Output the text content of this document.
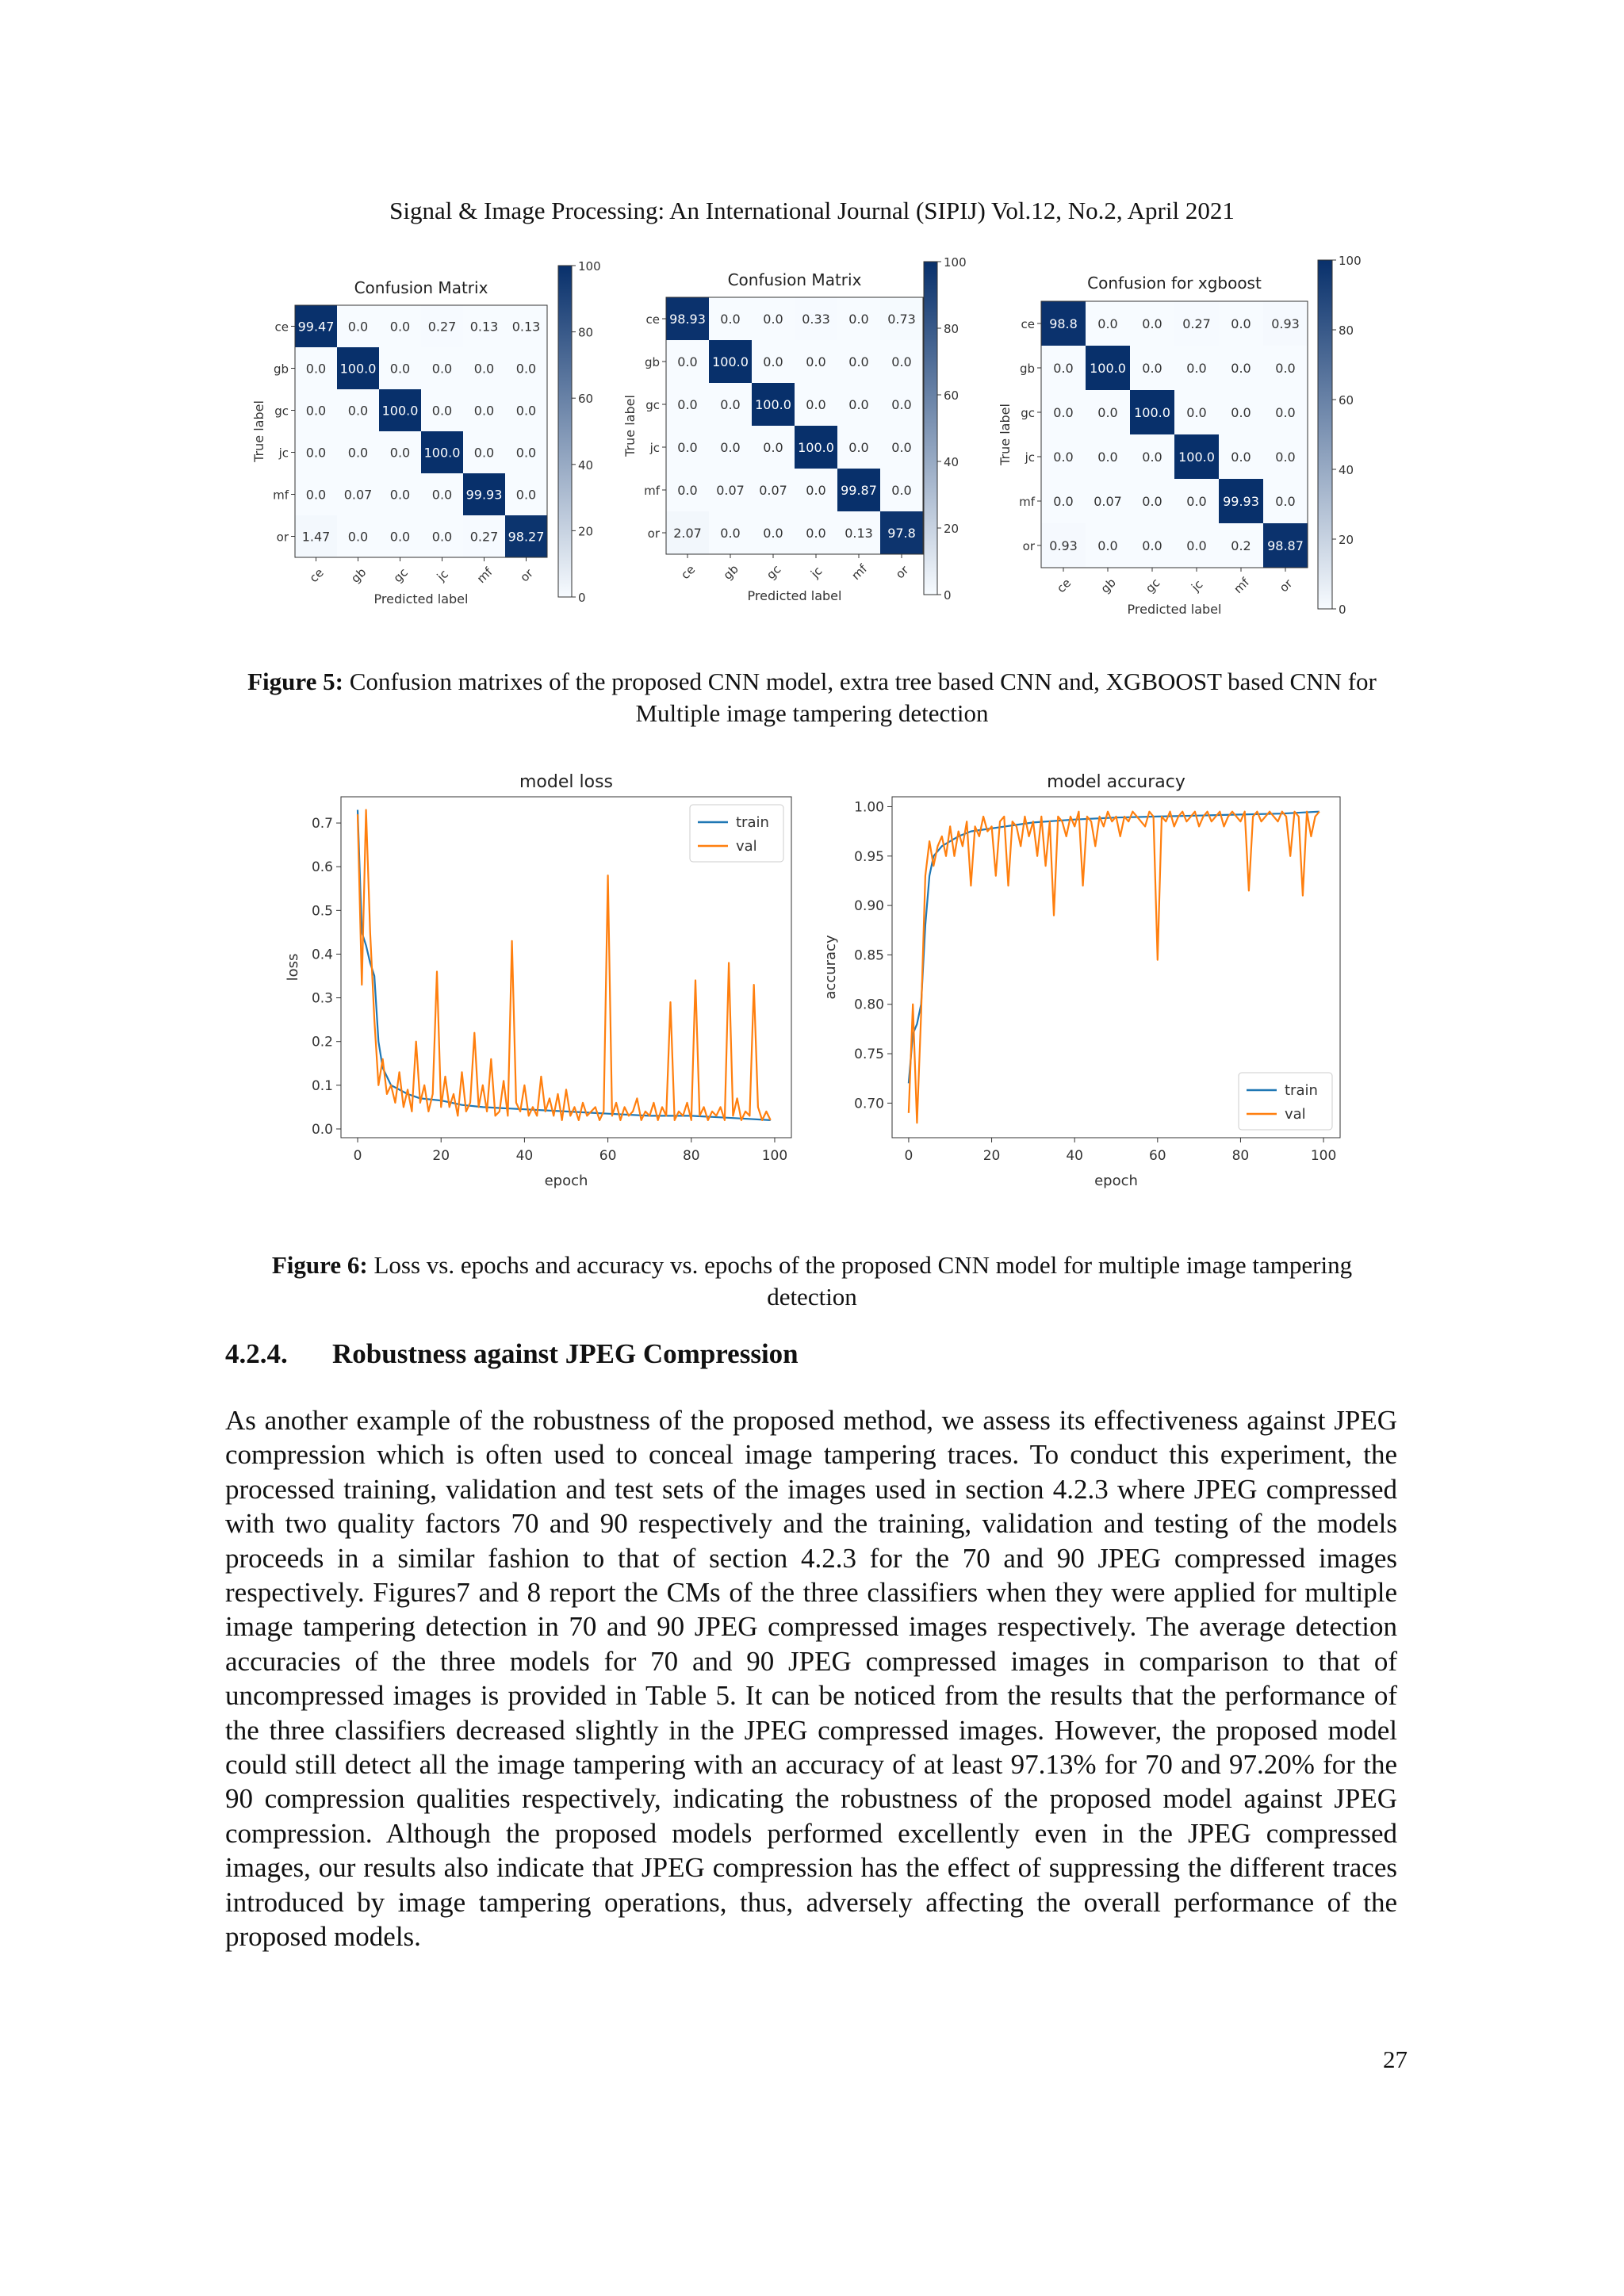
Signal & Image Processing: An International Journal (SIPIJ) Vol.12, No.2, April 2021
Confusion Matrix
99.47 0.0 0.0 0.27 0.13 0.13
0.0 100.0 0.0 0.0 0.0 0.0
0.0 0.0 100.0 0.0 0.0 0.0
0.0 0.0 0.0 100.0 0.0 0.0
0.0 0.07 0.0 0.0 99.93 0.0
1.47 0.0 0.0 0.0 0.27 98.27
ce
ce
gb
gb
gc
gc
jc
jc
mf
mf
or
or
Predicted label
True label
100
80
60
40
20
0
Confusion Matrix
98.93 0.0 0.0 0.33 0.0 0.73
0.0 100.0 0.0 0.0 0.0 0.0
0.0 0.0 100.0 0.0 0.0 0.0
0.0 0.0 0.0 100.0 0.0 0.0
0.0 0.07 0.07 0.0 99.87 0.0
2.07 0.0 0.0 0.0 0.13 97.8
ce
ce
gb
gb
gc
gc
jc
jc
mf
mf
or
or
Predicted label
True label
100
80
60
40
20
0
Confusion for xgboost
98.8 0.0 0.0 0.27 0.0 0.93
0.0 100.0 0.0 0.0 0.0 0.0
0.0 0.0 100.0 0.0 0.0 0.0
0.0 0.0 0.0 100.0 0.0 0.0
0.0 0.07 0.0 0.0 99.93 0.0
0.93 0.0 0.0 0.0 0.2 98.87
ce
ce
gb
gb
gc
gc
jc
jc
mf
mf
or
or
Predicted label
True label
100
80
60
40
20
0
Figure 5: Confusion matrixes of the proposed CNN model, extra tree based CNN and, XGBOOST based CNN for Multiple image tampering detection
model loss
0	20	40	60	80	100
0.0
0.1
0.2
0.3
0.4
0.5
0.6
0.7
epoch
loss
train
val
model accuracy
0	20	40	60	80	100
0.70
0.75
0.80
0.85
0.90
0.95
1.00
epoch
accuracy
train
val
Figure 6: Loss vs. epochs and accuracy vs. epochs of the proposed CNN model for multiple image tampering detection
4.2.4. Robustness against JPEG Compression
As another example of the robustness of the proposed method, we assess its effectiveness against JPEG compression which is often used to conceal image tampering traces. To conduct this experiment, the processed training, validation and test sets of the images used in section 4.2.3 where JPEG compressed with two quality factors 70 and 90 respectively and the training, validation and testing of the models proceeds in a similar fashion to that of section 4.2.3 for the 70 and 90 JPEG compressed images respectively. Figures7 and 8 report the CMs of the three classifiers when they were applied for multiple image tampering detection in 70 and 90 JPEG compressed images respectively. The average detection accuracies of the three models for 70 and 90 JPEG compressed images in comparison to that of uncompressed images is provided in Table 5. It can be noticed from the results that the performance of the three classifiers decreased slightly in the JPEG compressed images. However, the proposed model could still detect all the image tampering with an accuracy of at least 97.13% for 70 and 97.20% for the 90 compression qualities respectively, indicating the robustness of the proposed model against JPEG compression. Although the proposed models performed excellently even in the JPEG compressed images, our results also indicate that JPEG compression has the effect of suppressing the different traces introduced by image tampering operations, thus, adversely affecting the overall performance of the proposed models.
27
